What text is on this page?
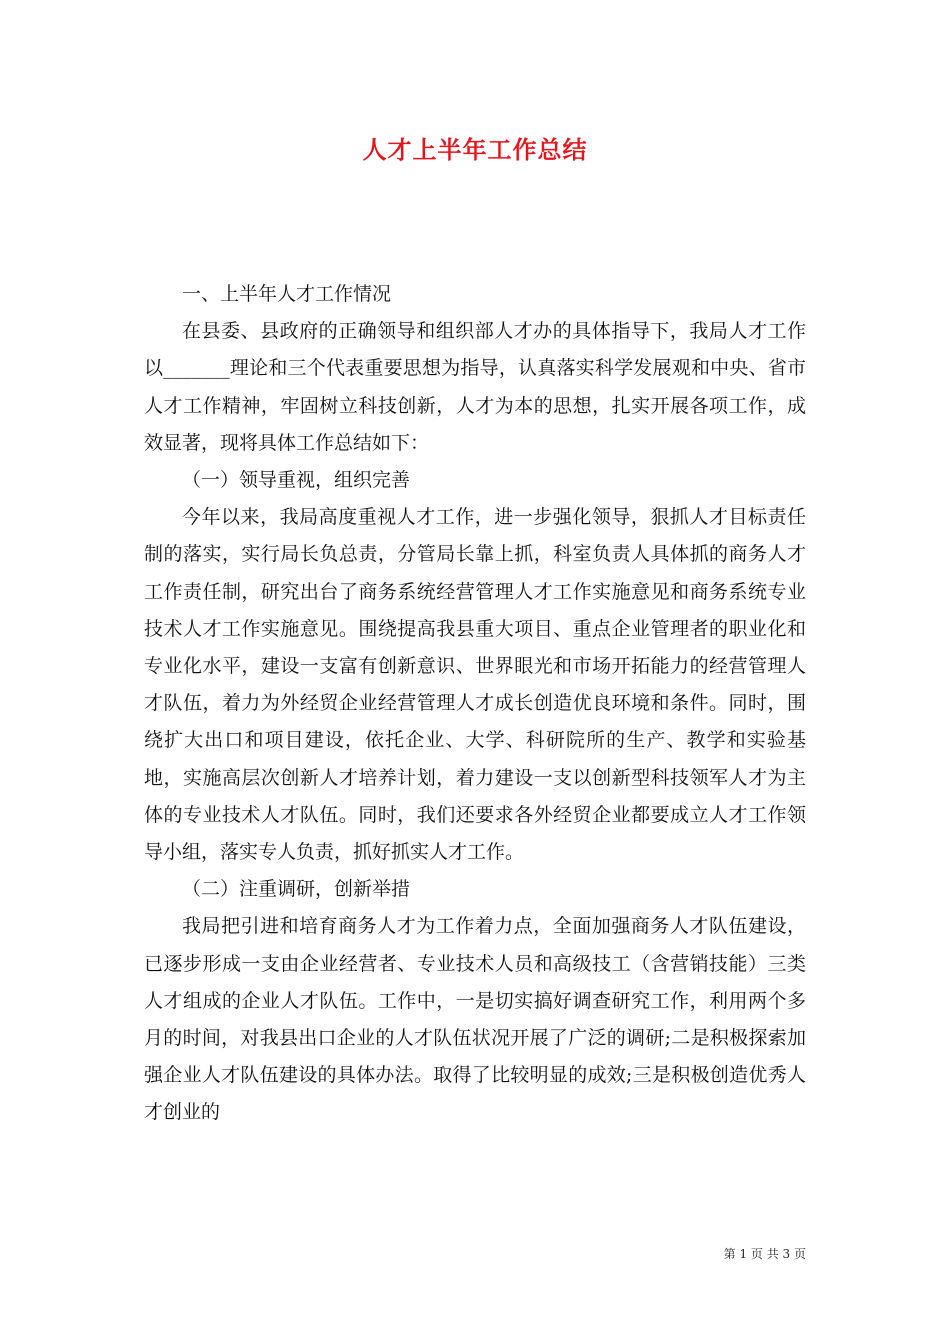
人才上半年工作总结

一、上半年人才工作情况

在县委、县政府的正确领导和组织部人才办的具体指导下，我局人才工作以_______理论和三个代表重要思想为指导，认真落实科学发展观和中央、省市人才工作精神，牢固树立科技创新，人才为本的思想，扎实开展各项工作，成效显著，现将具体工作总结如下：

（一）领导重视，组织完善

今年以来，我局高度重视人才工作，进一步强化领导，狠抓人才目标责任制的落实，实行局长负总责，分管局长靠上抓，科室负责人具体抓的商务人才工作责任制，研究出台了商务系统经营管理人才工作实施意见和商务系统专业技术人才工作实施意见。围绕提高我县重大项目、重点企业管理者的职业化和专业化水平，建设一支富有创新意识、世界眼光和市场开拓能力的经营管理人才队伍，着力为外经贸企业经营管理人才成长创造优良环境和条件。同时，围绕扩大出口和项目建设，依托企业、大学、科研院所的生产、教学和实验基地，实施高层次创新人才培养计划，着力建设一支以创新型科技领军人才为主体的专业技术人才队伍。同时，我们还要求各外经贸企业都要成立人才工作领导小组，落实专人负责，抓好抓实人才工作。

（二）注重调研，创新举措

我局把引进和培育商务人才为工作着力点，全面加强商务人才队伍建设，已逐步形成一支由企业经营者、专业技术人员和高级技工（含营销技能）三类人才组成的企业人才队伍。工作中，一是切实搞好调查研究工作，利用两个多月的时间，对我县出口企业的人才队伍状况开展了广泛的调研;二是积极探索加强企业人才队伍建设的具体办法。取得了比较明显的成效;三是积极创造优秀人才创业的

第 1 页 共 3 页
